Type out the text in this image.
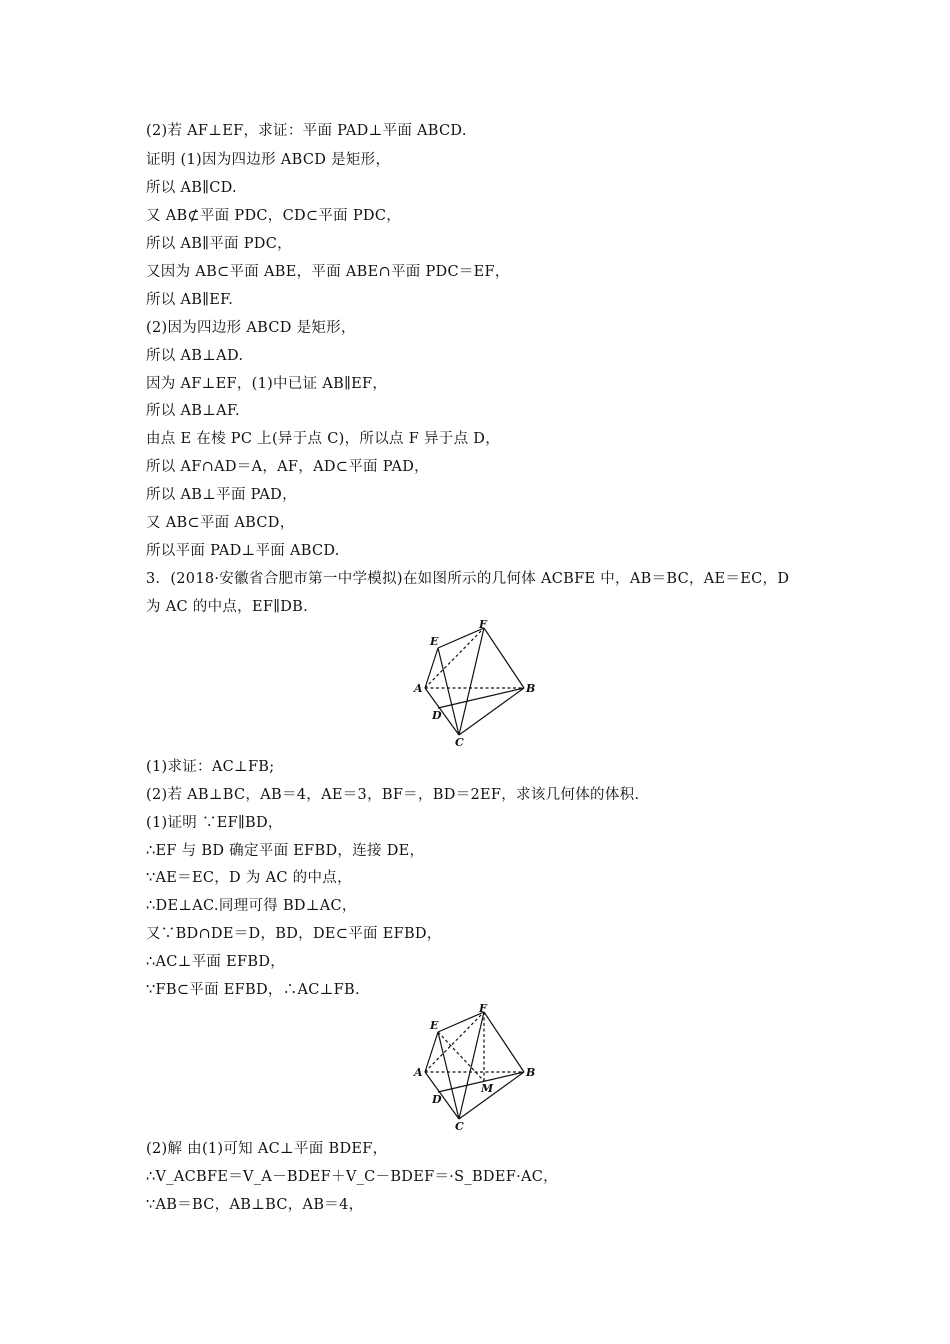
(2)若 AF⊥EF，求证：平面 PAD⊥平面 ABCD.
证明 (1)因为四边形 ABCD 是矩形，
所以 AB∥CD.
又 AB⊄平面 PDC，CD⊂平面 PDC，
所以 AB∥平面 PDC，
又因为 AB⊂平面 ABE，平面 ABE∩平面 PDC＝EF，
所以 AB∥EF.
(2)因为四边形 ABCD 是矩形，
所以 AB⊥AD.
因为 AF⊥EF，(1)中已证 AB∥EF，
所以 AB⊥AF.
由点 E 在棱 PC 上(异于点 C)，所以点 F 异于点 D，
所以 AF∩AD＝A，AF，AD⊂平面 PAD，
所以 AB⊥平面 PAD，
又 AB⊂平面 ABCD，
所以平面 PAD⊥平面 ABCD.
3．(2018·安徽省合肥市第一中学模拟)在如图所示的几何体 ACBFE 中，AB＝BC，AE＝EC，D
为 AC 的中点，EF∥DB.
E
F
A	B
D
C
(1)求证：AC⊥FB;
(2)若 AB⊥BC，AB＝4，AE＝3，BF＝，BD＝2EF，求该几何体的体积.
(1)证明 ∵EF∥BD，
∴EF 与 BD 确定平面 EFBD，连接 DE，
∵AE＝EC，D 为 AC 的中点，
∴DE⊥AC.同理可得 BD⊥AC，
又∵BD∩DE＝D，BD，DE⊂平面 EFBD，
∴AC⊥平面 EFBD，
∵FB⊂平面 EFBD，∴AC⊥FB.
E
F
A	B
D
M
C
(2)解 由(1)可知 AC⊥平面 BDEF，
∴V_ACBFE＝V_A－BDEF＋V_C－BDEF＝·S_BDEF·AC，
∵AB＝BC，AB⊥BC，AB＝4，
